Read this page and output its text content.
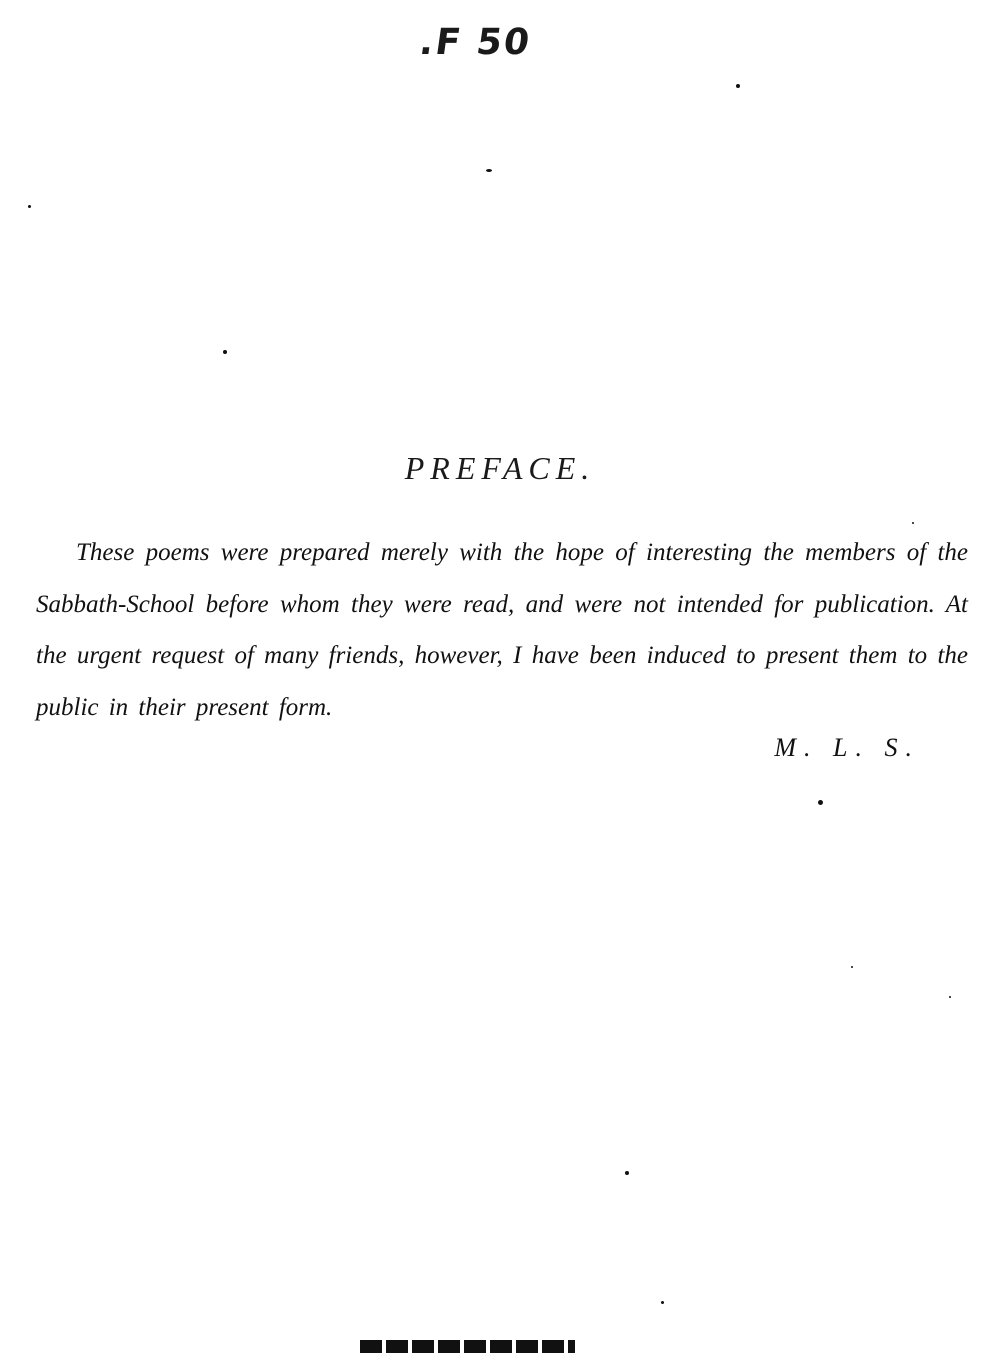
.F 50
PREFACE.

These poems were prepared merely with the hope of interesting the members of the Sabbath-School before whom they were read, and were not intended for publication. At the urgent request of many friends, however, I have been induced to present them to the public in their present form.

M. L. S.
